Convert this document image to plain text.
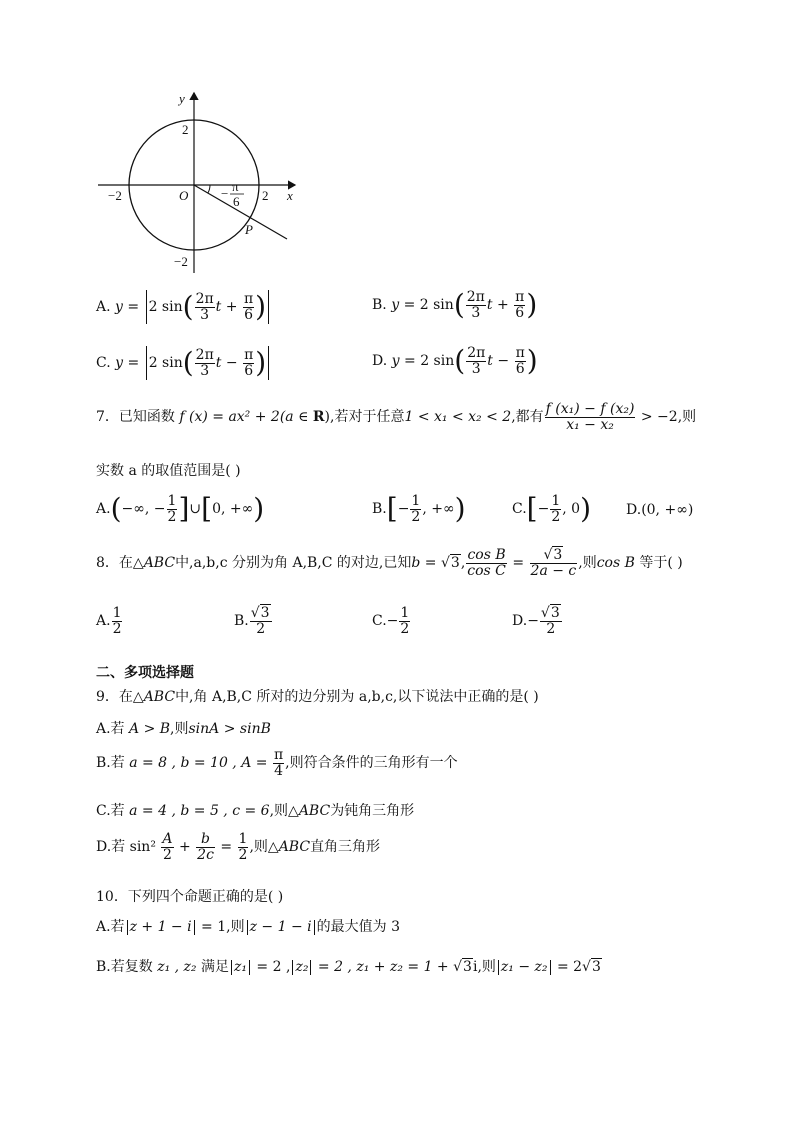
y
x
O
2
−2
−2	2
− π
6
P
A. y = 2 $\sin( \frac{2\pi}{3}$ $t + \frac{\pi}{6}$ )	B. y = 2 $\sin( \frac{2\pi}{3}$ $t + \frac{\pi}{6}$ )
C. y = 2 $\sin( \frac{2\pi}{3}$ $t - \frac{\pi}{6}$ )	D. y = 2 $\sin( \frac{2\pi}{3}$ $t - \frac{\pi}{6}$ )
7．已知函数 f (x) = ax² + 2(a ∈ R),若对于任意1 < x₁ < x₂ < 2,都有 $\frac{\text{f (x₁) − f (x₂)}}{\text{x₁ − x₂}} > -2$,则
实数 a 的取值范围是( )
A.(−∞, − $\frac{1}{2}$ ]∪[0, +∞)	$B.[- \frac{1}{2}$ , +∞)	$C.[- \frac{1}{2}$ , 0) D.(0, +∞)
8．在△ABC中,a,b,c 分别为角 A,B,C 的对边,已知b = √3, $\frac{\text{cos B}}{\text{cos C}} = \frac{√3}{2a - c}$ ,则cos B 等于( )
A. $\frac{1}{2}$	B. $\frac{√3}{2}$	$C.- \frac{1}{2}$	$D.- \frac{√3}{2}$
二、多项选择题
9．在△ABC中,角 A,B,C 所对的边分别为 a,b,c,以下说法中正确的是( )
A.若 A > B,则sinA > sinB
B.若 a = 8 , b = 10 , $A = \frac{\pi}{4}$ ,则符合条件的三角形有一个
C.若 a = 4 , b = 5 , c = 6,则△ABC为钝角三角形
D.若 $\sin^2 \frac{A}{2} + \frac{b}{2c} = \frac{1}{2}$ ,则△ABC直角三角形
10．下列四个命题正确的是( )
A.若 z + 1 − i = 1,则 z − 1 − i 的最大值为 3
B.若复数 z₁ , z₂ 满足 z₁ = 2 , z₂ = 2 , z₁ + z₂ = 1 + √3i,则 z₁ − z₂ = 2√3
